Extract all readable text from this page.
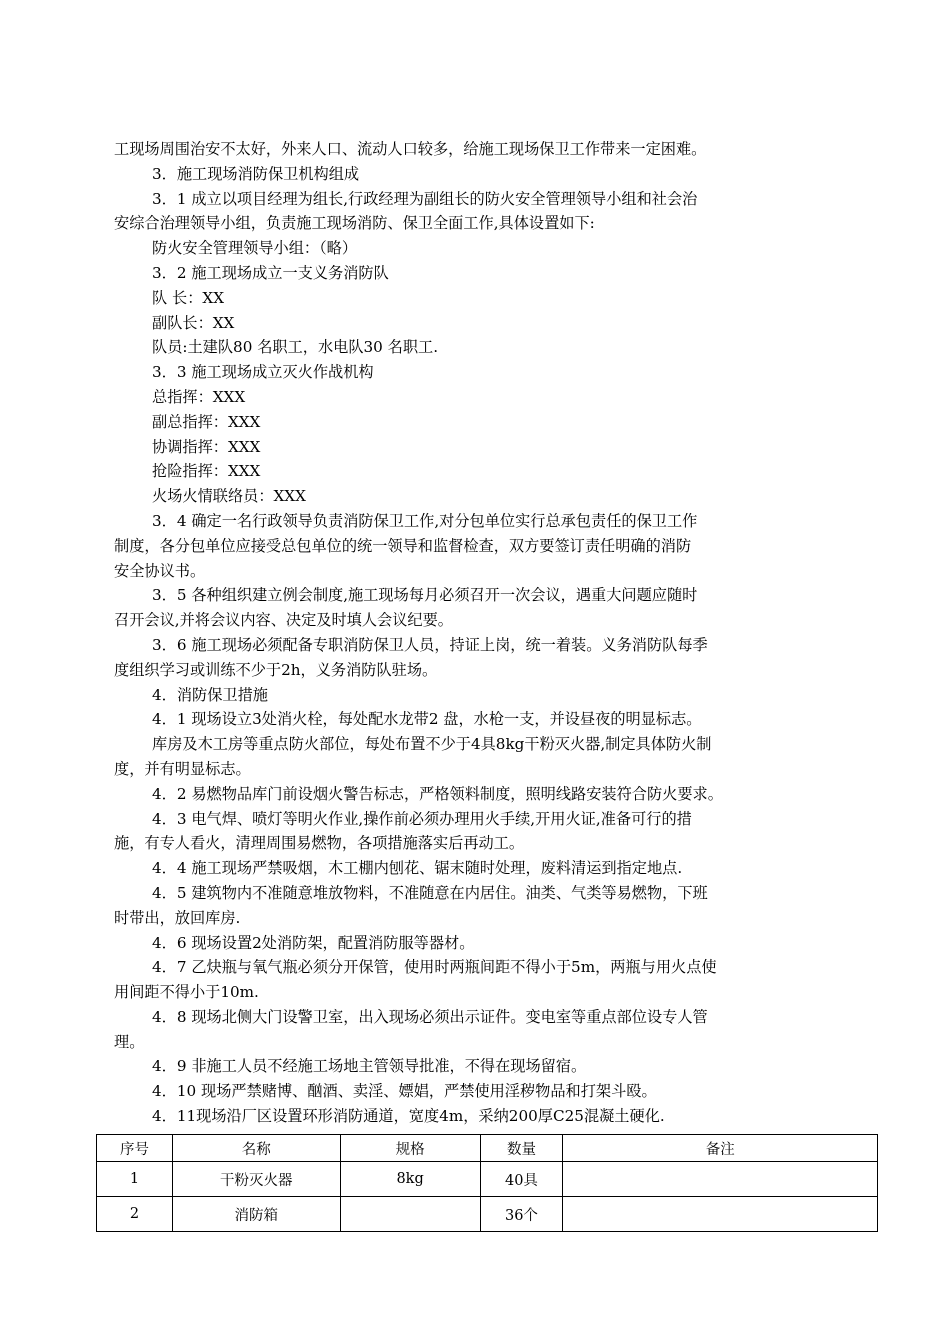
工现场周围治安不太好，外来人口、流动人口较多，给施工现场保卫工作带来一定困难。
3．施工现场消防保卫机构组成
3．1 成立以项目经理为组长,行政经理为副组长的防火安全管理领导小组和社会治
安综合治理领导小组，负责施工现场消防、保卫全面工作,具体设置如下:
防火安全管理领导小组：（略）
3．2 施工现场成立一支义务消防队
队 长：XX
副队长：XX
队员:土建队80 名职工，水电队30 名职工.
3．3 施工现场成立灭火作战机构
总指挥：XXX
副总指挥：XXX
协调指挥：XXX
抢险指挥：XXX
火场火情联络员：XXX
3．4 确定一名行政领导负责消防保卫工作,对分包单位实行总承包责任的保卫工作
制度，各分包单位应接受总包单位的统一领导和监督检查，双方要签订责任明确的消防
安全协议书。
3．5 各种组织建立例会制度,施工现场每月必须召开一次会议，遇重大问题应随时
召开会议,并将会议内容、决定及时填人会议纪要。
3．6 施工现场必须配备专职消防保卫人员，持证上岗，统一着装。义务消防队每季
度组织学习或训练不少于2h，义务消防队驻场。
4．消防保卫措施
4．1 现场设立3处消火栓，每处配水龙带2 盘，水枪一支，并设昼夜的明显标志。
库房及木工房等重点防火部位，每处布置不少于4具8kg干粉灭火器,制定具体防火制
度，并有明显标志。
4．2 易燃物品库门前设烟火警告标志，严格领料制度，照明线路安装符合防火要求。
4．3 电气焊、喷灯等明火作业,操作前必须办理用火手续,开用火证,准备可行的措
施，有专人看火，清理周围易燃物，各项措施落实后再动工。
4．4 施工现场严禁吸烟，木工棚内刨花、锯末随时处理，废料清运到指定地点.
4．5 建筑物内不准随意堆放物料，不准随意在内居住。油类、气类等易燃物，下班
时带出，放回库房.
4．6 现场设置2处消防架，配置消防服等器材。
4．7 乙炔瓶与氧气瓶必须分开保管，使用时两瓶间距不得小于5m，两瓶与用火点使
用间距不得小于10m.
4．8 现场北侧大门设警卫室，出入现场必须出示证件。变电室等重点部位设专人管
理。
4．9 非施工人员不经施工场地主管领导批准，不得在现场留宿。
4．10 现场严禁赌博、酗酒、卖淫、嫖娼，严禁使用淫秽物品和打架斗殴。
4．11现场沿厂区设置环形消防通道，宽度4m，采纳200厚C25混凝土硬化.
序号	名称	规格	数量	备注
1	干粉灭火器	8kg	40具	
2	消防箱		36个	
